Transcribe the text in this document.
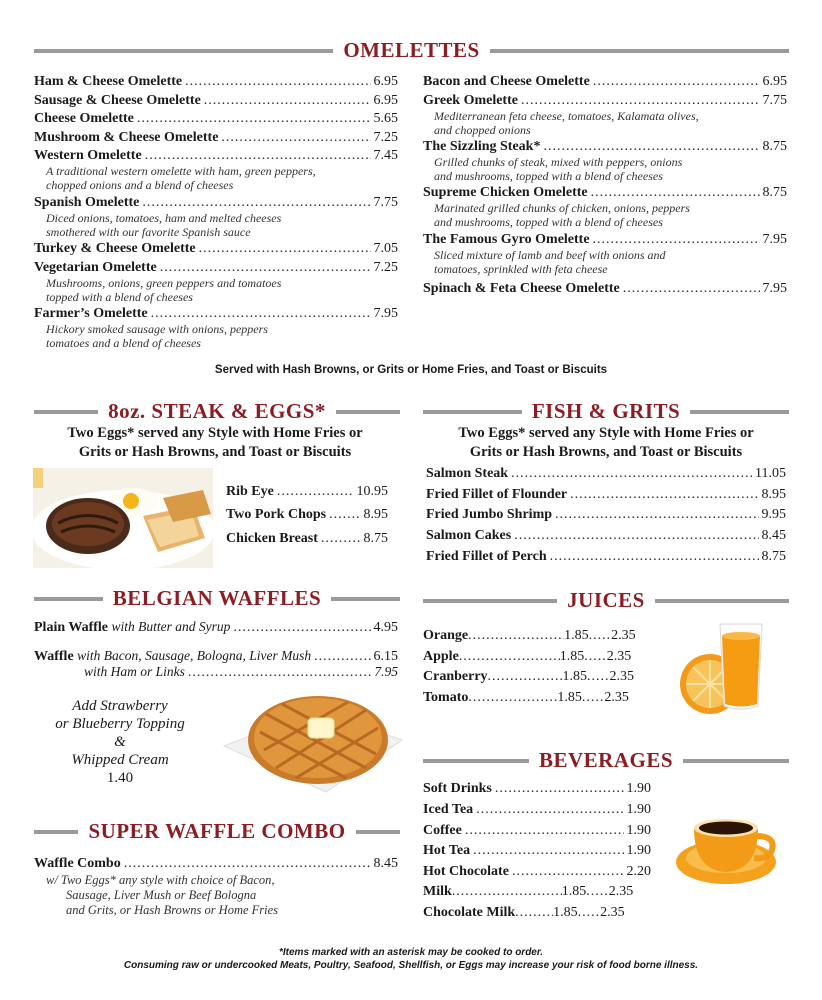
OMELETTES
Ham & Cheese Omelette .....	6.95
Sausage & Cheese Omelette .....	6.95
Cheese Omelette .....	5.65
Mushroom & Cheese Omelette .....	7.25
Western Omelette .....	7.45
A traditional western omelette with ham, green peppers,
chopped onions and a blend of cheeses
Spanish Omelette .....	7.75
Diced onions, tomatoes, ham and melted cheeses
smothered with our favorite Spanish sauce
Turkey & Cheese Omelette .....	7.05
Vegetarian Omelette .....	7.25
Mushrooms, onions, green peppers and tomatoes
topped with a blend of cheeses
Farmer’s Omelette .....	7.95
Hickory smoked sausage with onions, peppers
tomatoes and a blend of cheeses
Bacon and Cheese Omelette .....	6.95
Greek Omelette .....	7.75
Mediterranean feta cheese, tomatoes, Kalamata olives,
and chopped onions
The Sizzling Steak* .....	8.75
Grilled chunks of steak, mixed with peppers, onions
and mushrooms, topped with a blend of cheeses
Supreme Chicken Omelette .....	8.75
Marinated grilled chunks of chicken, onions, peppers
and mushrooms, topped with a blend of cheeses
The Famous Gyro Omelette .....	7.95
Sliced mixture of lamb and beef with onions and
tomatoes, sprinkled with feta cheese
Spinach & Feta Cheese Omelette .....	7.95
Served with Hash Browns, or Grits or Home Fries, and Toast or Biscuits
8oz. STEAK & EGGS*
Two Eggs* served any Style with Home Fries or
Grits or Hash Browns, and Toast or Biscuits
Rib Eye .....	10.95
Two Pork Chops .....	8.95
Chicken Breast .....	8.75
FISH & GRITS
Two Eggs* served any Style with Home Fries or
Grits or Hash Browns, and Toast or Biscuits
Salmon Steak .....	11.05
Fried Fillet of Flounder .....	8.95
Fried Jumbo Shrimp .....	9.95
Salmon Cakes .....	8.45
Fried Fillet of Perch .....	8.75
BELGIAN WAFFLES
Plain Waffle
with Butter and Syrup .....	4.95
Waffle
with Bacon, Sausage, Bologna, Liver Mush .....	6.15
with Ham or Links .....	7.95
Add Strawberry
or Blueberry Topping
&
Whipped Cream
1.40
SUPER WAFFLE COMBO
Waffle Combo .....	8.45
w/ Two Eggs* any style with choice of Bacon,
Sausage, Liver Mush or Beef Bologna
and Grits, or Hash Browns or Home Fries
JUICES
Orange .....	1.85 ..... 2.35
Apple .....	1.85 ..... 2.35
Cranberry .....	1.85 ..... 2.35
Tomato .....	1.85 ..... 2.35
BEVERAGES
Soft Drinks .....	1.90
Iced Tea .....	1.90
Coffee .....	1.90
Hot Tea .....	1.90
Hot Chocolate .....	2.20
Milk .....	1.85 ..... 2.35
Chocolate Milk .....	1.85 ..... 2.35
*Items marked with an asterisk may be cooked to order.
Consuming raw or undercooked Meats, Poultry, Seafood, Shellfish, or Eggs may increase your risk of food borne illness.
